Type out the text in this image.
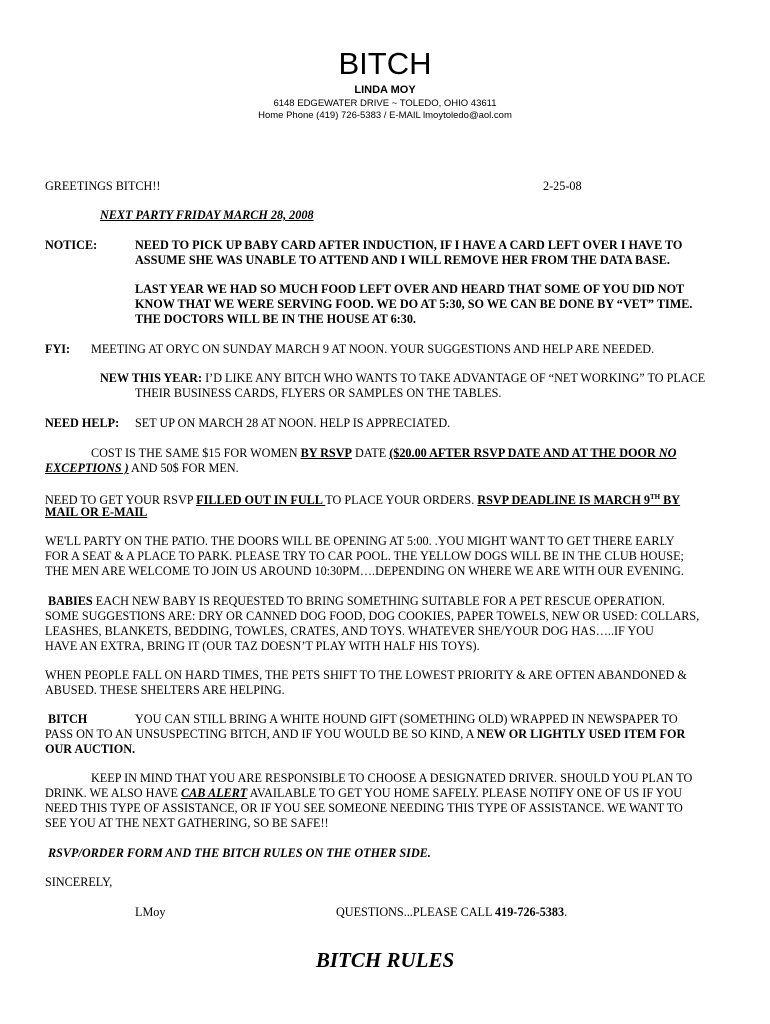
BITCH
LINDA MOY
6148 EDGEWATER DRIVE ~ TOLEDO, OHIO 43611
Home Phone (419) 726-5383 / E-MAIL lmoytoledo@aol.com
GREETINGS BITCH!!	2-25-08
NEXT PARTY FRIDAY MARCH 28, 2008
NOTICE:	NEED TO PICK UP BABY CARD AFTER INDUCTION, IF I HAVE A CARD LEFT OVER I HAVE TO
ASSUME SHE WAS UNABLE TO ATTEND AND I WILL REMOVE HER FROM THE DATA BASE.
LAST YEAR WE HAD SO MUCH FOOD LEFT OVER AND HEARD THAT SOME OF YOU DID NOT
KNOW THAT WE WERE SERVING FOOD. WE DO AT 5:30, SO WE CAN BE DONE BY “VET” TIME.
THE DOCTORS WILL BE IN THE HOUSE AT 6:30.
FYI: MEETING AT ORYC ON SUNDAY MARCH 9 AT NOON. YOUR SUGGESTIONS AND HELP ARE NEEDED.
NEW THIS YEAR: I’D LIKE ANY BITCH WHO WANTS TO TAKE ADVANTAGE OF “NET WORKING” TO PLACE
THEIR BUSINESS CARDS, FLYERS OR SAMPLES ON THE TABLES.
NEED HELP: SET UP ON MARCH 28 AT NOON. HELP IS APPRECIATED.
COST IS THE SAME $15 FOR WOMEN BY RSVP DATE ($20.00 AFTER RSVP DATE AND AT THE DOOR NO
EXCEPTIONS ) AND 50$ FOR MEN.
NEED TO GET YOUR RSVP FILLED OUT IN FULL TO PLACE YOUR ORDERS. RSVP DEADLINE IS MARCH 9TH BY
MAIL OR E-MAIL
WE'LL PARTY ON THE PATIO. THE DOORS WILL BE OPENING AT 5:00. .YOU MIGHT WANT TO GET THERE EARLY
FOR A SEAT & A PLACE TO PARK. PLEASE TRY TO CAR POOL. THE YELLOW DOGS WILL BE IN THE CLUB HOUSE;
THE MEN ARE WELCOME TO JOIN US AROUND 10:30PM….DEPENDING ON WHERE WE ARE WITH OUR EVENING.
BABIES EACH NEW BABY IS REQUESTED TO BRING SOMETHING SUITABLE FOR A PET RESCUE OPERATION.
SOME SUGGESTIONS ARE: DRY OR CANNED DOG FOOD, DOG COOKIES, PAPER TOWELS, NEW OR USED: COLLARS,
LEASHES, BLANKETS, BEDDING, TOWLES, CRATES, AND TOYS. WHATEVER SHE/YOUR DOG HAS…..IF YOU
HAVE AN EXTRA, BRING IT (OUR TAZ DOESN’T PLAY WITH HALF HIS TOYS).
WHEN PEOPLE FALL ON HARD TIMES, THE PETS SHIFT TO THE LOWEST PRIORITY & ARE OFTEN ABANDONED &
ABUSED. THESE SHELTERS ARE HELPING.
BITCH	YOU CAN STILL BRING A WHITE HOUND GIFT (SOMETHING OLD) WRAPPED IN NEWSPAPER TO
PASS ON TO AN UNSUSPECTING BITCH, AND IF YOU WOULD BE SO KIND, A NEW OR LIGHTLY USED ITEM FOR
OUR AUCTION.
KEEP IN MIND THAT YOU ARE RESPONSIBLE TO CHOOSE A DESIGNATED DRIVER. SHOULD YOU PLAN TO
DRINK. WE ALSO HAVE CAB ALERT AVAILABLE TO GET YOU HOME SAFELY. PLEASE NOTIFY ONE OF US IF YOU
NEED THIS TYPE OF ASSISTANCE, OR IF YOU SEE SOMEONE NEEDING THIS TYPE OF ASSISTANCE. WE WANT TO
SEE YOU AT THE NEXT GATHERING, SO BE SAFE!!
RSVP/ORDER FORM AND THE BITCH RULES ON THE OTHER SIDE.
SINCERELY,
LMoy	QUESTIONS...PLEASE CALL 419-726-5383.
BITCH RULES
